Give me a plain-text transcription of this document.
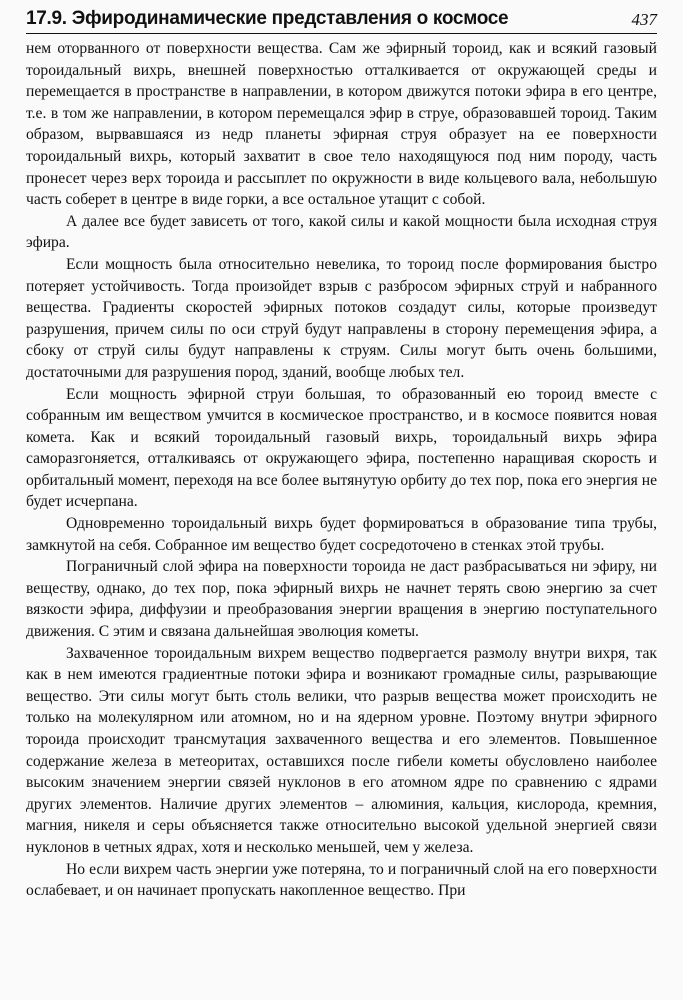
17.9. Эфиродинамические представления о космосе	437

нем оторванного от поверхности вещества. Сам же эфирный тороид, как и всякий газовый тороидальный вихрь, внешней поверхностью отталкивается от окружающей среды и перемещается в пространстве в направлении, в котором движутся потоки эфира в его центре, т.е. в том же направлении, в котором перемещался эфир в струе, образовавшей тороид. Таким образом, вырвавшаяся из недр планеты эфирная струя образует на ее поверхности тороидальный вихрь, который захватит в свое тело находящуюся под ним породу, часть пронесет через верх тороида и рассыплет по окружности в виде кольцевого вала, небольшую часть соберет в центре в виде горки, а все остальное утащит с собой.

А далее все будет зависеть от того, какой силы и какой мощности была исходная струя эфира.

Если мощность была относительно невелика, то тороид после формирования быстро потеряет устойчивость. Тогда произойдет взрыв с разбросом эфирных струй и набранного вещества. Градиенты скоростей эфирных потоков создадут силы, которые произведут разрушения, причем силы по оси струй будут направлены в сторону перемещения эфира, а сбоку от струй силы будут направлены к струям. Силы могут быть очень большими, достаточными для разрушения пород, зданий, вообще любых тел.

Если мощность эфирной струи большая, то образованный ею тороид вместе с собранным им веществом умчится в космическое пространство, и в космосе появится новая комета. Как и всякий тороидальный газовый вихрь, тороидальный вихрь эфира саморазгоняется, отталкиваясь от окружающего эфира, постепенно наращивая скорость и орбитальный момент, переходя на все более вытянутую орбиту до тех пор, пока его энергия не будет исчерпана.

Одновременно тороидальный вихрь будет формироваться в образование типа трубы, замкнутой на себя. Собранное им вещество будет сосредоточено в стенках этой трубы.

Пограничный слой эфира на поверхности тороида не даст разбрасываться ни эфиру, ни веществу, однако, до тех пор, пока эфирный вихрь не начнет терять свою энергию за счет вязкости эфира, диффузии и преобразования энергии вращения в энергию поступательного движения. С этим и связана дальнейшая эволюция кометы.

Захваченное тороидальным вихрем вещество подвергается размолу внутри вихря, так как в нем имеются градиентные потоки эфира и возникают громадные силы, разрывающие вещество. Эти силы могут быть столь велики, что разрыв вещества может происходить не только на молекулярном или атомном, но и на ядерном уровне. Поэтому внутри эфирного тороида происходит трансмутация захваченного вещества и его элементов. Повышенное содержание железа в метеоритах, оставшихся после гибели кометы обусловлено наиболее высоким значением энергии связей нуклонов в его атомном ядре по сравнению с ядрами других элементов. Наличие других элементов – алюминия, кальция, кислорода, кремния, магния, никеля и серы объясняется также относительно высокой удельной энергией связи нуклонов в четных ядрах, хотя и несколько меньшей, чем у железа.

Но если вихрем часть энергии уже потеряна, то и пограничный слой на его поверхности ослабевает, и он начинает пропускать накопленное вещество. При
